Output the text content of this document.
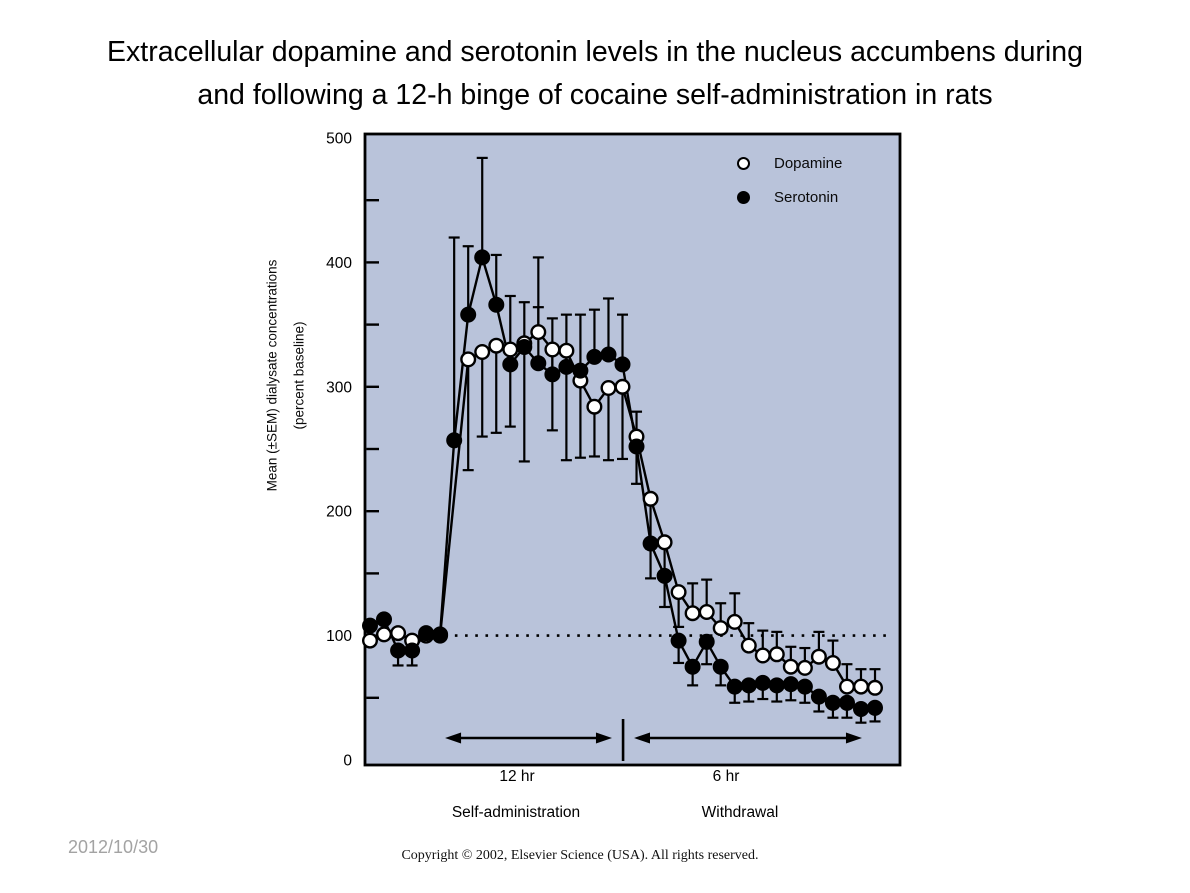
Extracellular dopamine and serotonin levels in the nucleus accumbens during
and following a 12-h binge of cocaine self-administration in rats
0
100
200
300
400
500
Mean (±SEM) dialysate concentrations (percent baseline)
Dopamine
Serotonin
12 hr
Self-administration
6 hr
Withdrawal
2012/10/30	Copyright © 2002, Elsevier Science (USA). All rights reserved.
